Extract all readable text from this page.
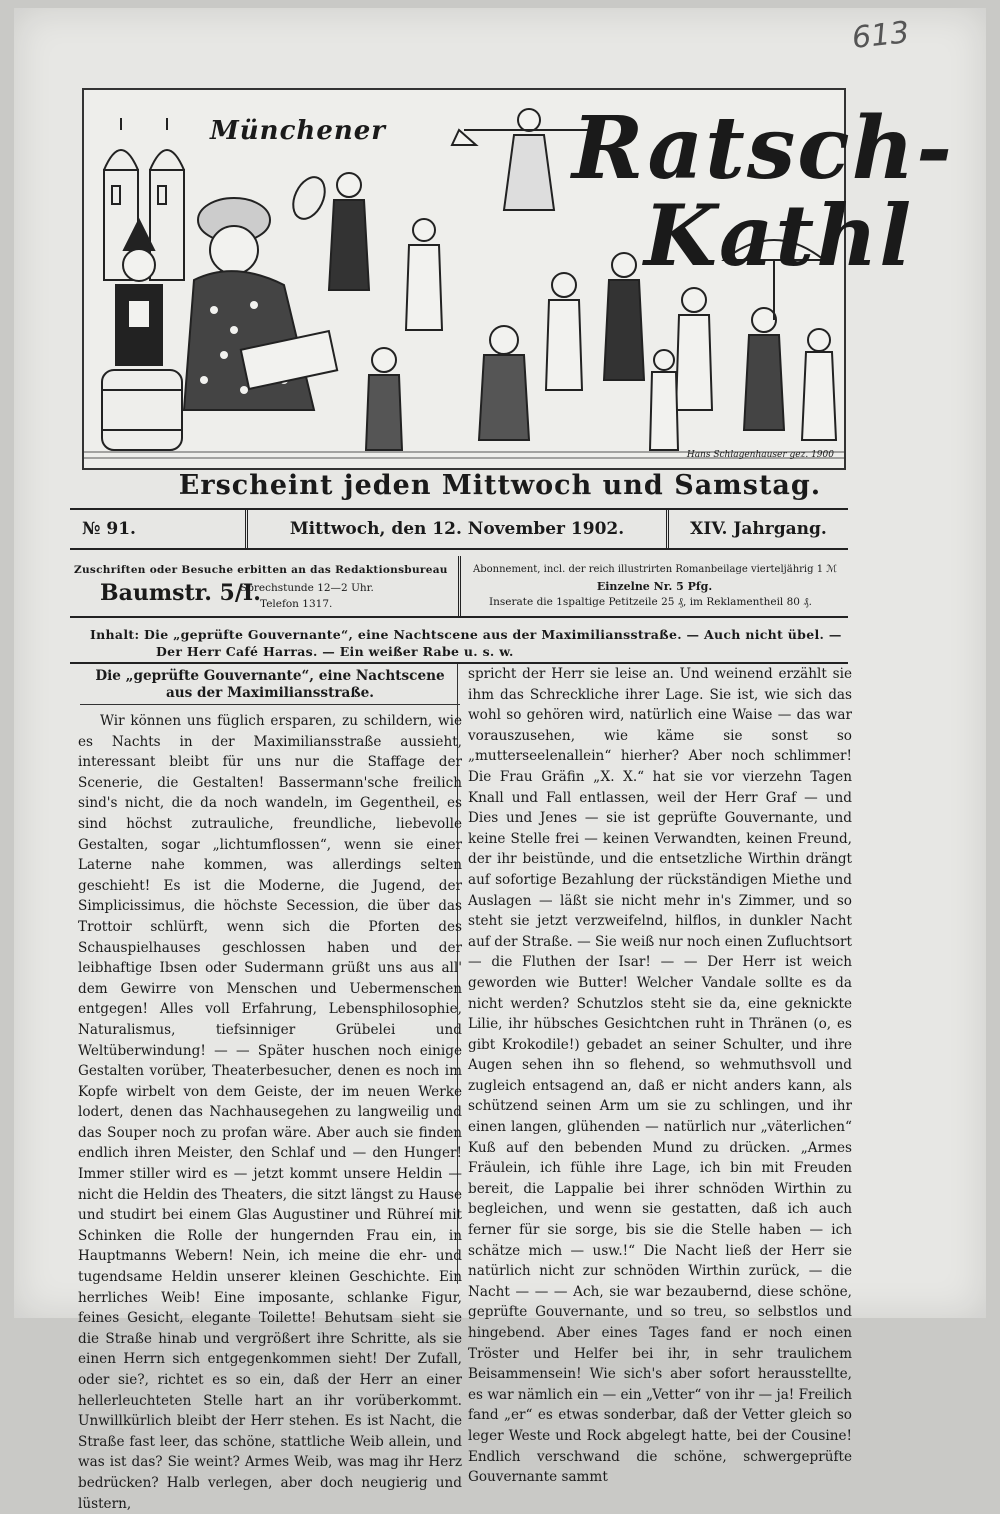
613
Münchener Ratsch-
Kathl
Hans Schlagenhauser gez. 1900
Erscheint jeden Mittwoch und Samstag.
№ 91.	Mittwoch, den 12. November 1902.	XIV. Jahrgang.
Zuschriften oder Besuche erbitten an das Redaktionsbureau
Baumstr. 5/I.
Sprechstunde 12—2 Uhr.
Telefon 1317.
Abonnement, incl. der reich illustrirten Romanbeilage vierteljährig 1 ℳ
Einzelne Nr. 5 Pfg.
Inserate die 1spaltige Petitzeile 25 ₰, im Reklamentheil 80 ₰.
Inhalt: Die „geprüfte Gouvernante“, eine Nachtscene aus der Maximiliansstraße. — Auch nicht übel. —
Der Herr Café Harras. — Ein weißer Rabe u. s. w.
Die „geprüfte Gouvernante“, eine Nachtscene aus der Maximiliansstraße.

Wir können uns füglich ersparen, zu schildern, wie es Nachts in der Maximiliansstraße aussieht, interessant bleibt für uns nur die Staffage der Scenerie, die Gestalten! Bassermann'sche freilich sind's nicht, die da noch wandeln, im Gegentheil, es sind höchst zutrauliche, freundliche, liebevolle Gestalten, sogar „lichtumflossen“, wenn sie einer Laterne nahe kommen, was allerdings selten geschieht! Es ist die Moderne, die Jugend, der Simplicissimus, die höchste Secession, die über das Trottoir schlürft, wenn sich die Pforten des Schauspielhauses geschlossen haben und der leibhaftige Ibsen oder Sudermann grüßt uns aus all' dem Gewirre von Menschen und Uebermenschen entgegen! Alles voll Erfahrung, Lebensphilosophie, Naturalismus, tiefsinniger Grübelei und Weltüberwindung! — — Später huschen noch einige Gestalten vorüber, Theaterbesucher, denen es noch im Kopfe wirbelt von dem Geiste, der im neuen Werke lodert, denen das Nachhausegehen zu langweilig und das Souper noch zu profan wäre. Aber auch sie finden endlich ihren Meister, den Schlaf und — den Hunger! Immer stiller wird es — jetzt kommt unsere Heldin — nicht die Heldin des Theaters, die sitzt längst zu Hause und studirt bei einem Glas Augustiner und Rühreí mit Schinken die Rolle der hungernden Frau ein, in Hauptmanns Webern! Nein, ich meine die ehr- und tugendsame Heldin unserer kleinen Geschichte. Ein herrliches Weib! Eine imposante, schlanke Figur, feines Gesicht, elegante Toilette! Behutsam sieht sie die Straße hinab und vergrößert ihre Schritte, als sie einen Herrn sich entgegenkommen sieht! Der Zufall, oder sie?, richtet es so ein, daß der Herr an einer hellerleuchteten Stelle hart an ihr vorüberkommt. Unwillkürlich bleibt der Herr stehen. Es ist Nacht, die Straße fast leer, das schöne, stattliche Weib allein, und was ist das? Sie weint? Armes Weib, was mag ihr Herz bedrücken? Halb verlegen, aber doch neugierig und lüstern,

spricht der Herr sie leise an. Und weinend erzählt sie ihm das Schreckliche ihrer Lage. Sie ist, wie sich das wohl so gehören wird, natürlich eine Waise — das war vorauszusehen, wie käme sie sonst so „mutterseelenallein“ hierher? Aber noch schlimmer! Die Frau Gräfin „X. X.“ hat sie vor vierzehn Tagen Knall und Fall entlassen, weil der Herr Graf — und Dies und Jenes — sie ist geprüfte Gouvernante, und keine Stelle frei — keinen Verwandten, keinen Freund, der ihr beistünde, und die entsetzliche Wirthin drängt auf sofortige Bezahlung der rückständigen Miethe und Auslagen — läßt sie nicht mehr in's Zimmer, und so steht sie jetzt verzweifelnd, hilflos, in dunkler Nacht auf der Straße. — Sie weiß nur noch einen Zufluchtsort — die Fluthen der Isar! — — Der Herr ist weich geworden wie Butter! Welcher Vandale sollte es da nicht werden? Schutzlos steht sie da, eine geknickte Lilie, ihr hübsches Gesichtchen ruht in Thränen (o, es gibt Krokodile!) gebadet an seiner Schulter, und ihre Augen sehen ihn so flehend, so wehmuthsvoll und zugleich entsagend an, daß er nicht anders kann, als schützend seinen Arm um sie zu schlingen, und ihr einen langen, glühenden — natürlich nur „väterlichen“ Kuß auf den bebenden Mund zu drücken. „Armes Fräulein, ich fühle ihre Lage, ich bin mit Freuden bereit, die Lappalie bei ihrer schnöden Wirthin zu begleichen, und wenn sie gestatten, daß ich auch ferner für sie sorge, bis sie die Stelle haben — ich schätze mich — usw.!“ Die Nacht ließ der Herr sie natürlich nicht zur schnöden Wirthin zurück, — die Nacht — — — Ach, sie war bezaubernd, diese schöne, geprüfte Gouvernante, und so treu, so selbstlos und hingebend. Aber eines Tages fand er noch einen Tröster und Helfer bei ihr, in sehr traulichem Beisammensein! Wie sich's aber sofort herausstellte, es war nämlich ein — ein „Vetter“ von ihr — ja! Freilich fand „er“ es etwas sonderbar, daß der Vetter gleich so leger Weste und Rock abgelegt hatte, bei der Cousine! Endlich verschwand die schöne, schwergeprüfte Gouvernante sammt
